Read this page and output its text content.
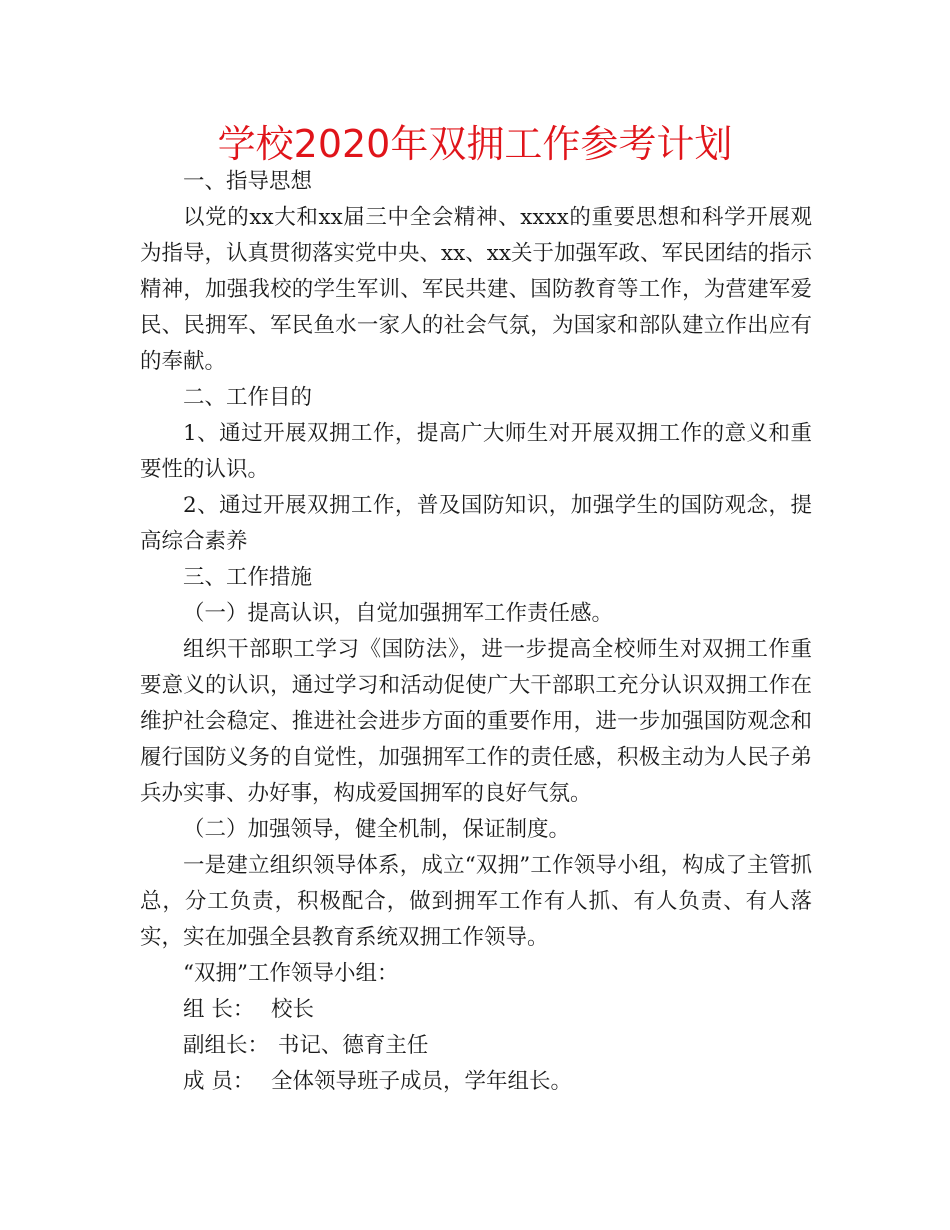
学校2020年双拥工作参考计划

一、指导思想

以党的xx大和xx届三中全会精神、xxxx的重要思想和科学开展观为指导，认真贯彻落实党中央、xx、xx关于加强军政、军民团结的指示精神，加强我校的学生军训、军民共建、国防教育等工作，为营建军爱民、民拥军、军民鱼水一家人的社会气氛，为国家和部队建立作出应有的奉献。

二、工作目的

1、通过开展双拥工作，提高广大师生对开展双拥工作的意义和重要性的认识。

2、通过开展双拥工作，普及国防知识，加强学生的国防观念，提高综合素养

三、工作措施

（一）提高认识，自觉加强拥军工作责任感。

组织干部职工学习《国防法》，进一步提高全校师生对双拥工作重要意义的认识，通过学习和活动促使广大干部职工充分认识双拥工作在维护社会稳定、推进社会进步方面的重要作用，进一步加强国防观念和履行国防义务的自觉性，加强拥军工作的责任感，积极主动为人民子弟兵办实事、办好事，构成爱国拥军的良好气氛。

（二）加强领导，健全机制，保证制度。

一是建立组织领导体系，成立“双拥”工作领导小组，构成了主管抓总，分工负责，积极配合，做到拥军工作有人抓、有人负责、有人落实，实在加强全县教育系统双拥工作领导。

“双拥”工作领导小组：

组 长： 校长

副组长： 书记、德育主任

成 员： 全体领导班子成员，学年组长。
